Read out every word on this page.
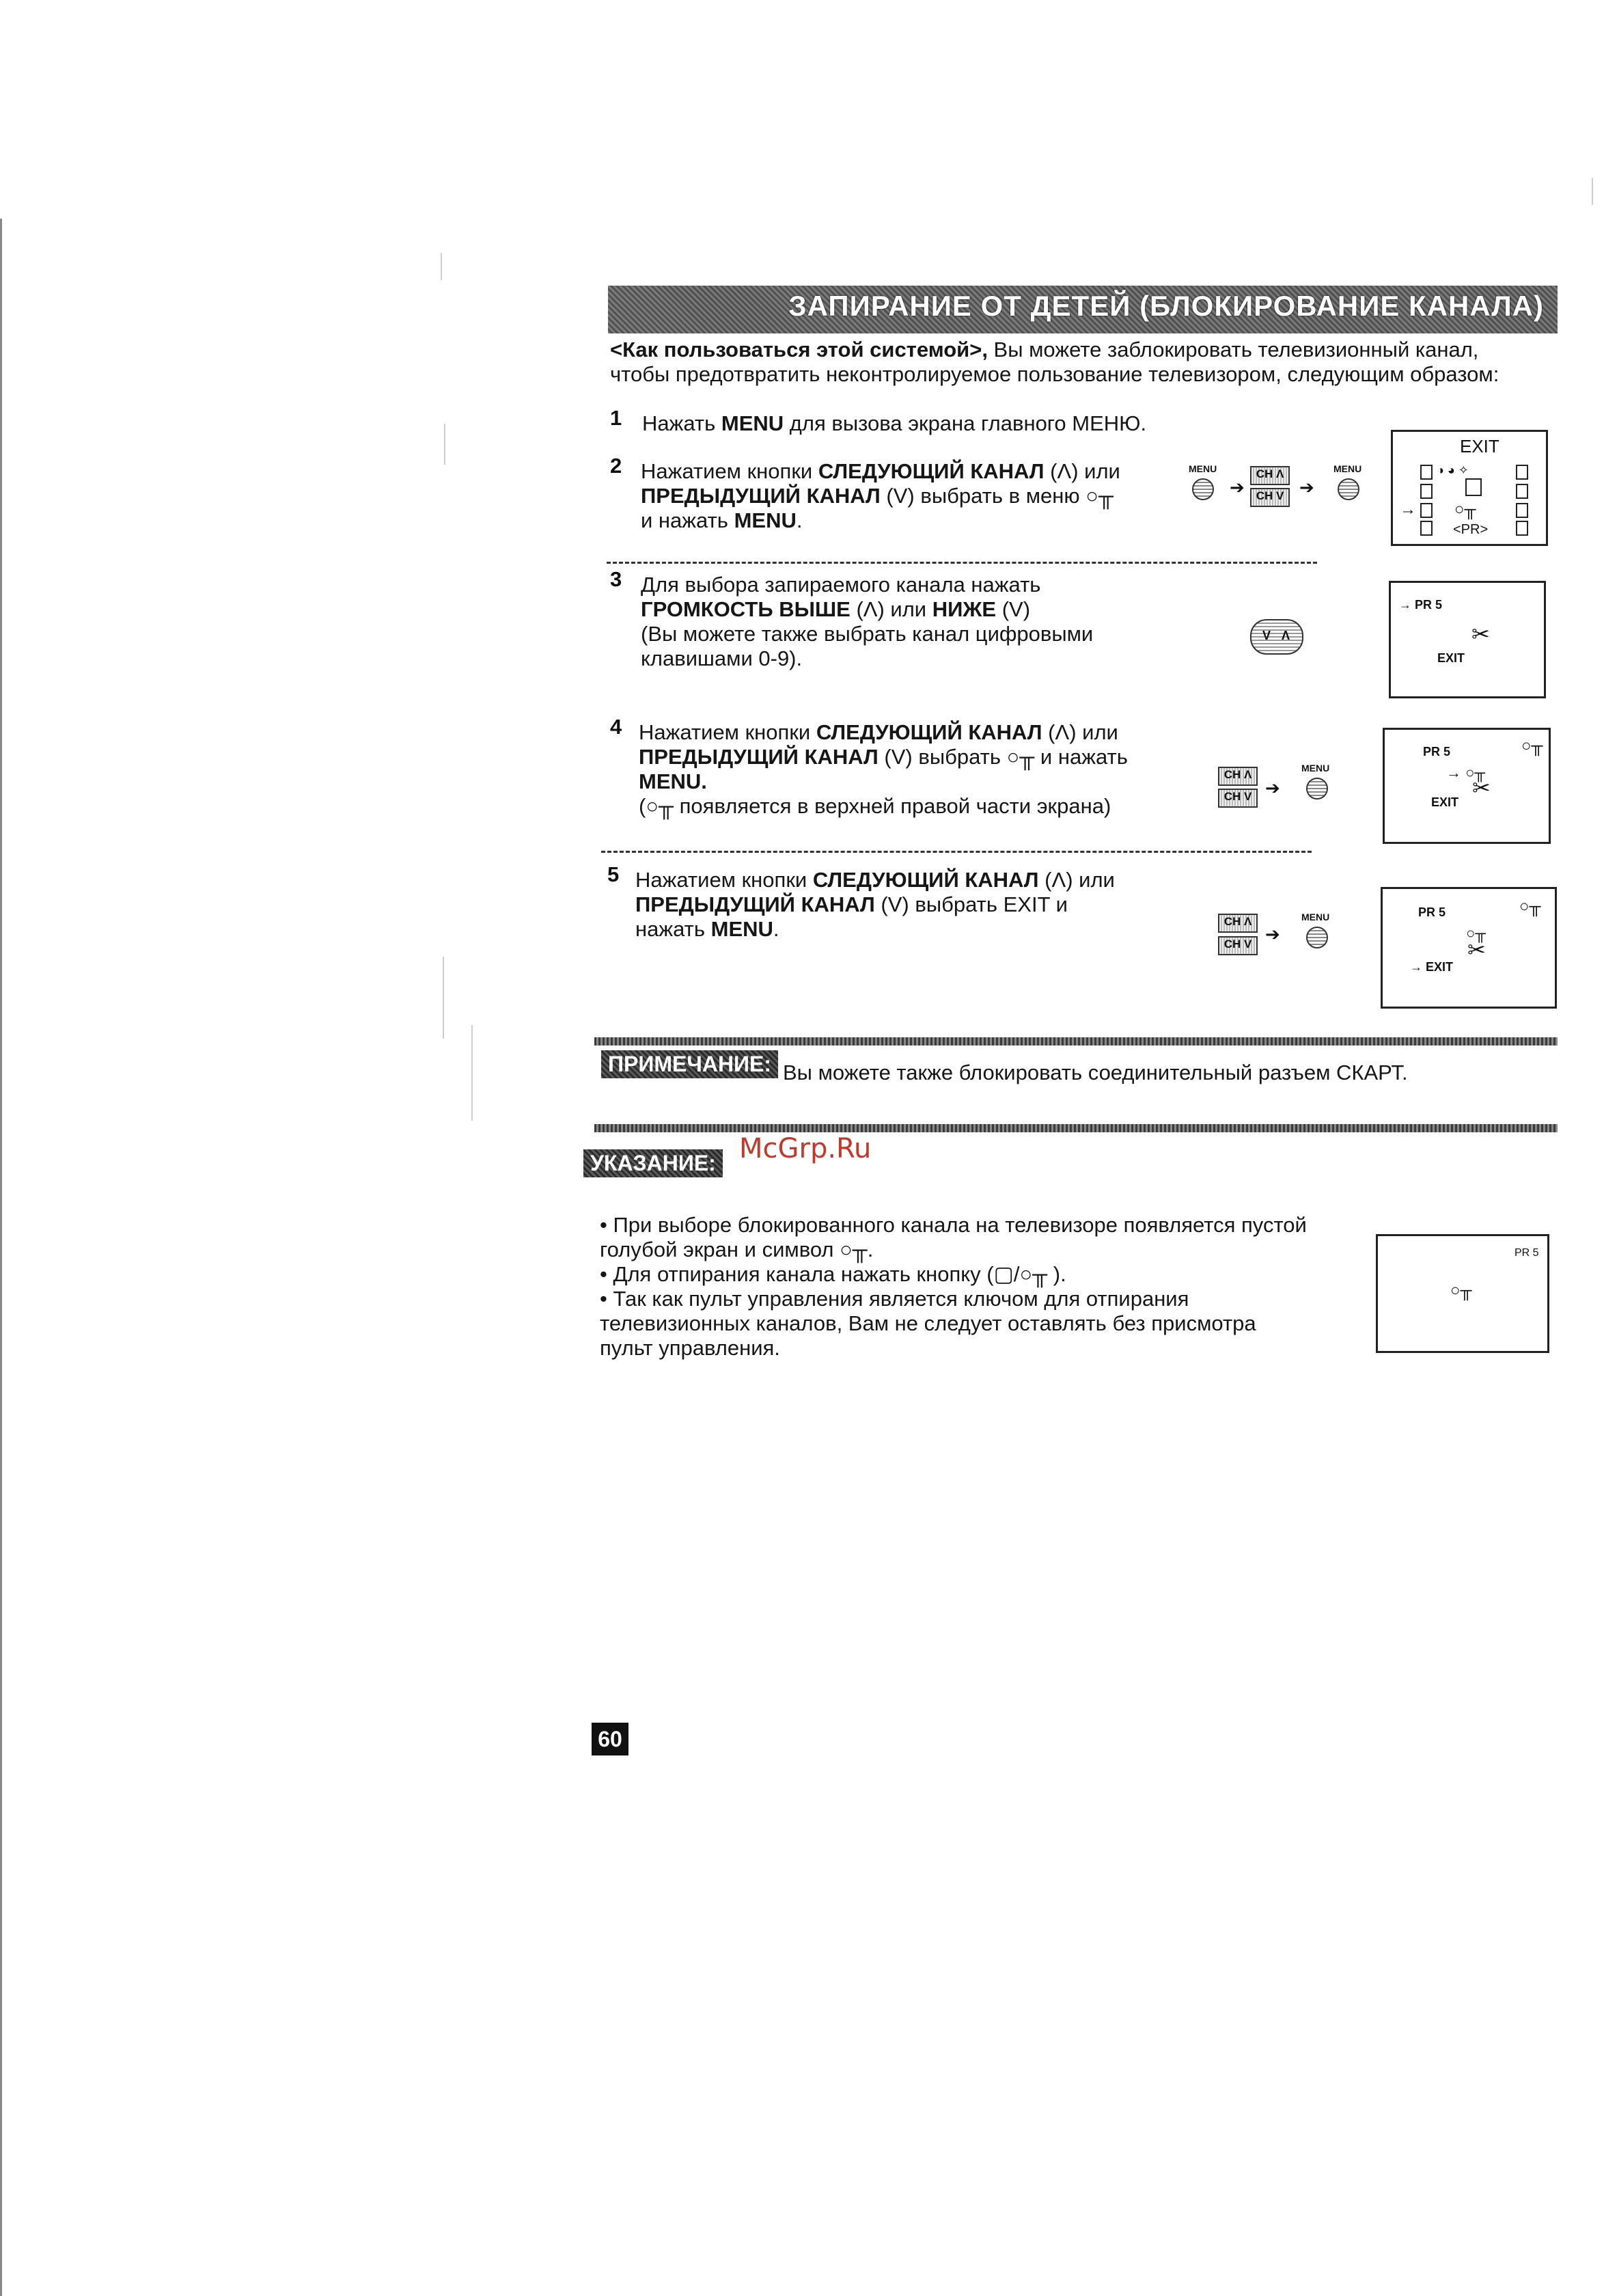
ЗАПИРАНИЕ ОТ ДЕТЕЙ (БЛОКИРОВАНИЕ КАНАЛА)
<Как пользоваться этой системой>, Вы можете заблокировать телевизионный канал,
чтобы предотвратить неконтролируемое пользование телевизором, следующим образом:
1 Нажать MENU для вызова экрана главного МЕНЮ.
2 Нажатием кнопки СЛЕДУЮЩИЙ КАНАЛ (Λ) или
ПРЕДЫДУЩИЙ КАНАЛ (V) выбрать в меню ○╥
и нажать MENU.
MENU
➔
CH Λ
CH V ➔
MENU
EXIT
◑ ◕ ✧
→ ○╥
<PR>
3 Для выбора запираемого канала нажать
ГРОМКОСТЬ ВЫШЕ (Λ) или НИЖЕ (V)
(Вы можете также выбрать канал цифровыми
клавишами 0-9).
V Λ
→ PR 5
✂
EXIT
4 Нажатием кнопки СЛЕДУЮЩИЙ КАНАЛ (Λ) или
ПРЕДЫДУЩИЙ КАНАЛ (V) выбрать ○╥ и нажать
MENU.
(○╥ появляется в верхней правой части экрана)
CH Λ
CH V ➔
MENU
PR 5	○╥
→ ○╥
✂
EXIT
5 Нажатием кнопки СЛЕДУЮЩИЙ КАНАЛ (Λ) или
ПРЕДЫДУЩИЙ КАНАЛ (V) выбрать EXIT и
нажать MENU.	CH Λ
CH V ➔
MENU	PR 5	○╥
○╥
✂
→ EXIT
ПРИМЕЧАНИЕ: Вы можете также блокировать соединительный разъем СКАРТ.
УКАЗАНИЕ: McGrp.Ru
• При выборе блокированного канала на телевизоре появляется пустой
голубой экран и символ ○╥.
• Для отпирания канала нажать кнопку (▢/○╥ ).
• Так как пульт управления является ключом для отпирания
телевизионных каналов, Вам не следует оставлять без присмотра
пульт управления.
PR 5
○╥
60
